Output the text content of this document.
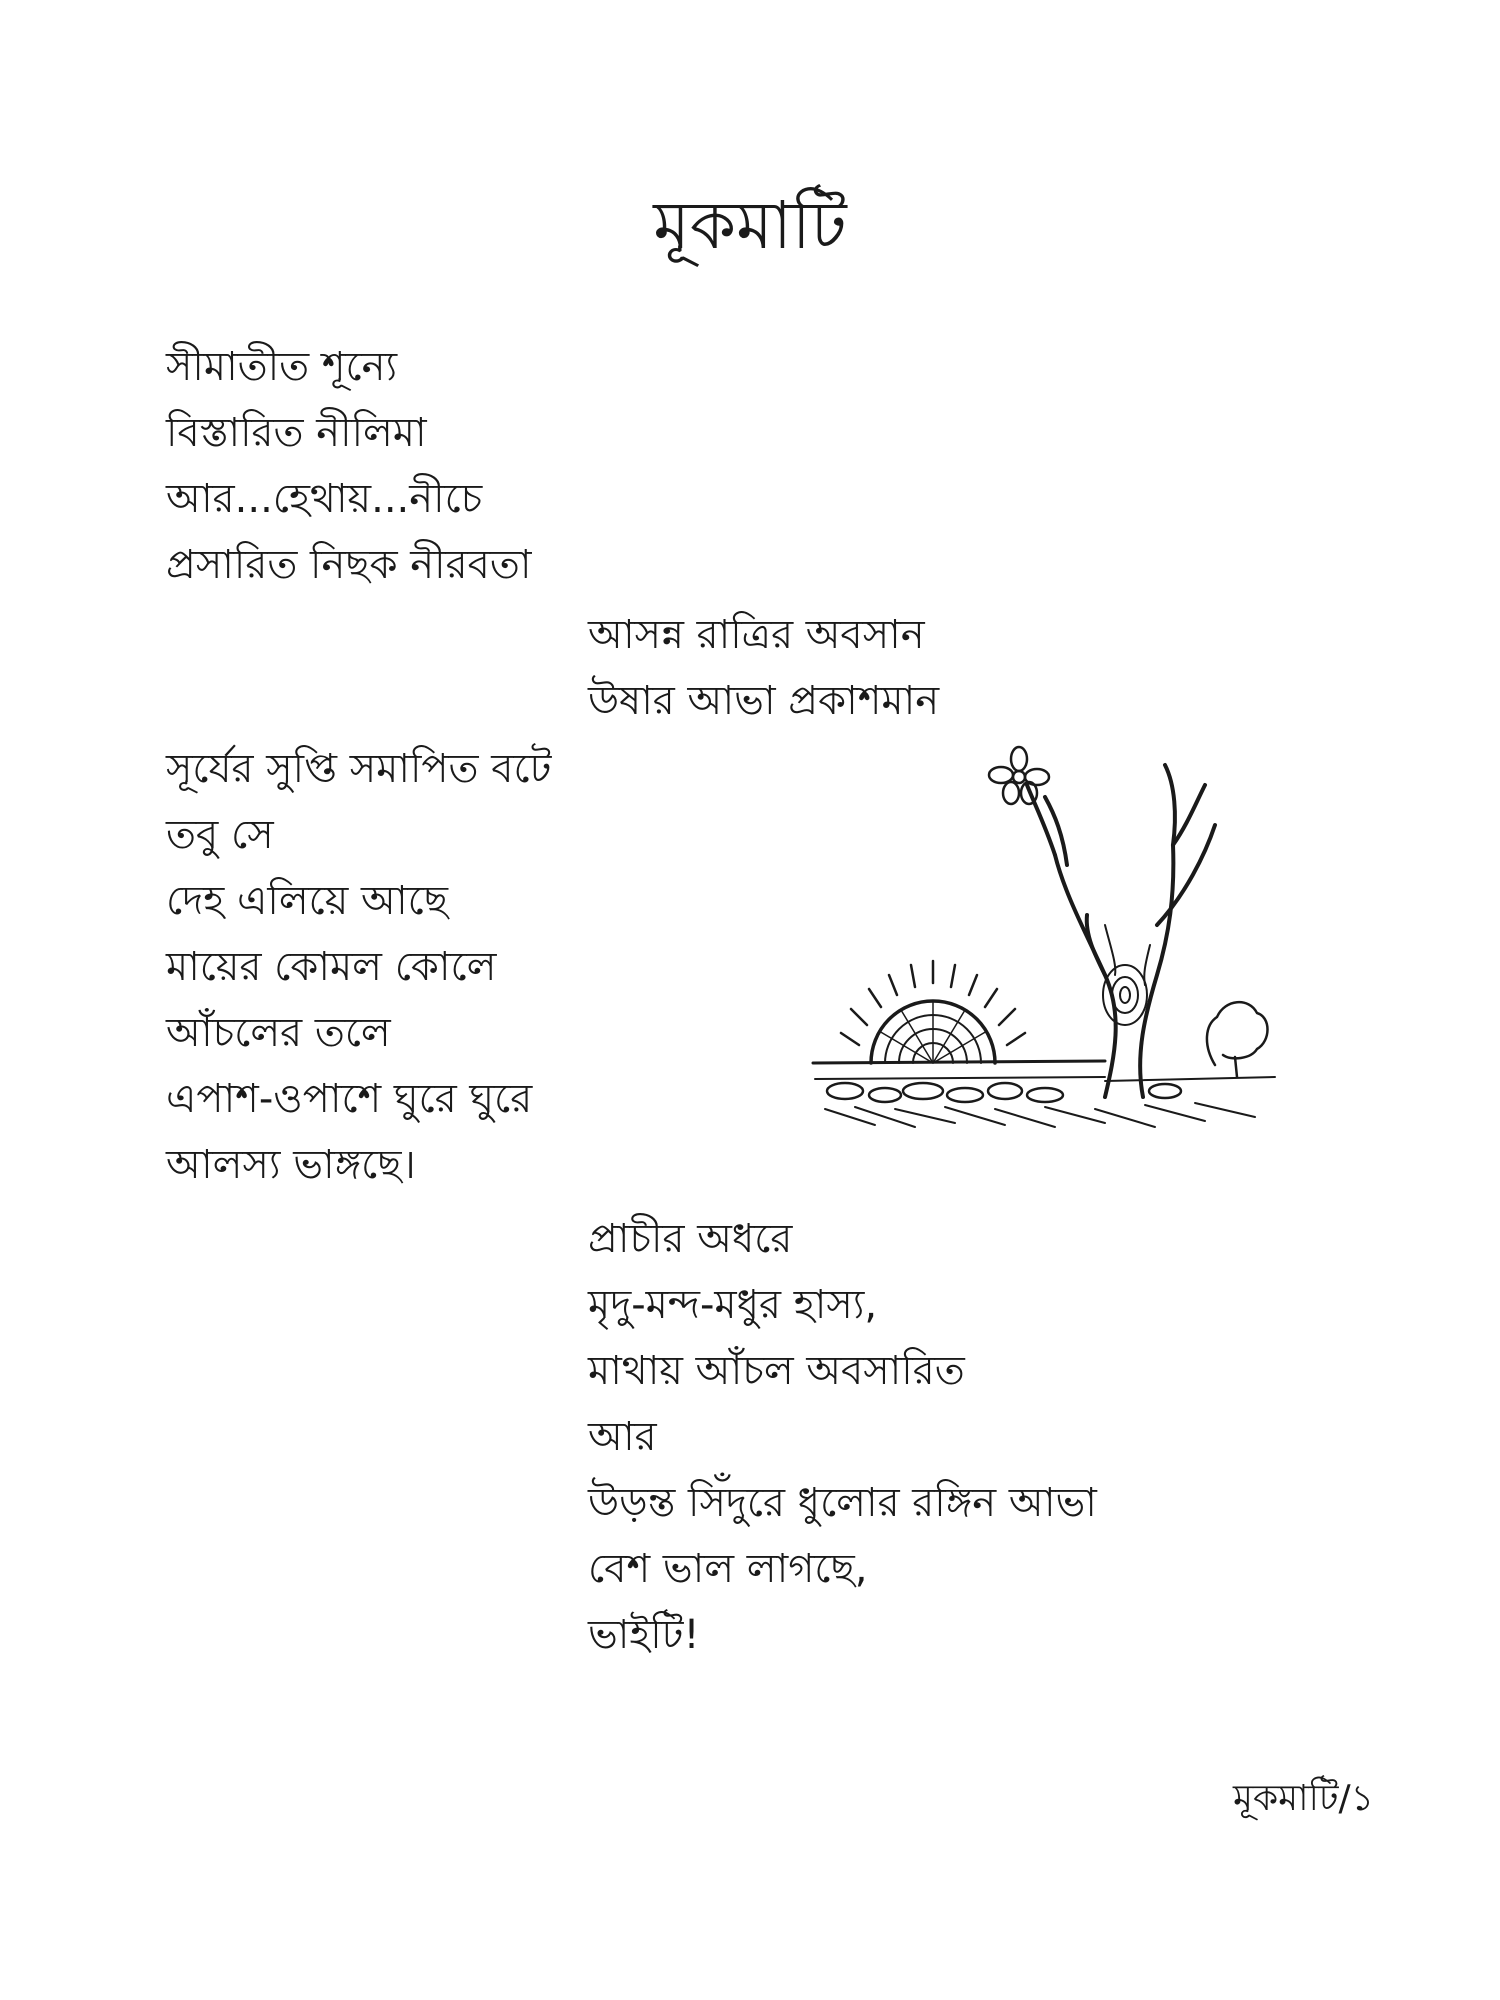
মূকমাটি
সীমাতীত শূন্যে
বিস্তারিত নীলিমা
আর...হেথায়...নীচে
প্রসারিত নিছক নীরবতা
আসন্ন রাত্রির অবসান
উষার আভা প্রকাশমান
সূর্যের সুপ্তি সমাপিত বটে
তবু সে
দেহ এলিয়ে আছে
মায়ের কোমল কোলে
আঁচলের তলে
এপাশ-ওপাশে ঘুরে ঘুরে
আলস্য ভাঙ্গছে।
প্রাচীর অধরে
মৃদু-মন্দ-মধুর হাস্য,
মাথায় আঁচল অবসারিত
আর
উড়ন্ত সিঁদুরে ধুলোর রঙ্গিন আভা
বেশ ভাল লাগছে,
ভাইটি!
মূকমাটি/১
